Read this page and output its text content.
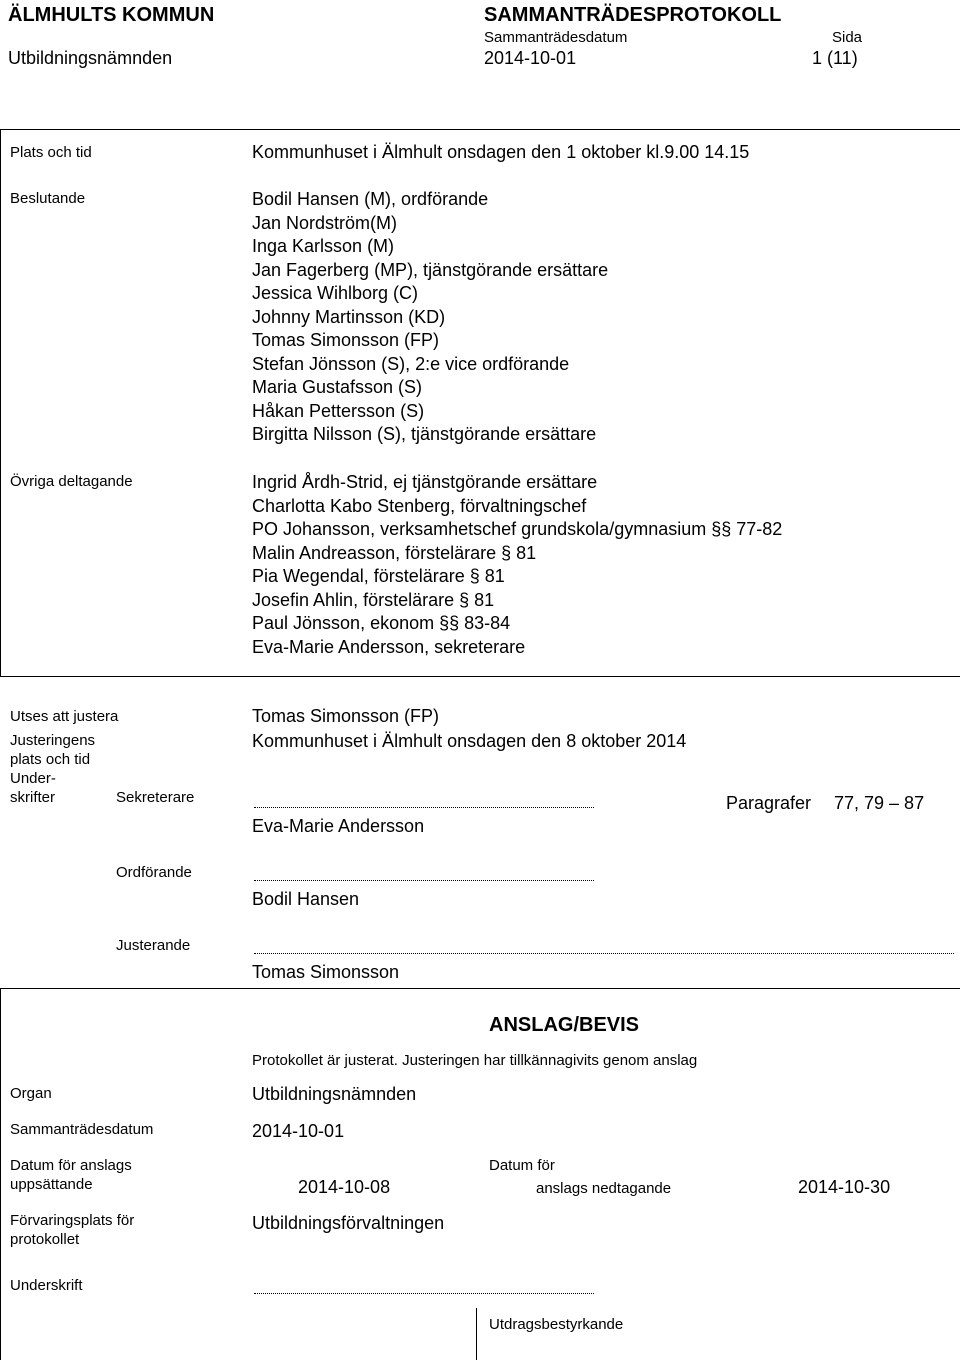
ÄLMHULTS KOMMUN
Utbildningsnämnden
SAMMANTRÄDESPROTOKOLL
Sammanträdesdatum
2014-10-01
Sida
1 (11)
Plats och tid	Kommunhuset i Älmhult onsdagen den 1 oktober kl.9.00 14.15
Beslutande	Bodil Hansen (M), ordförande
Jan Nordström(M)
Inga Karlsson (M)
Jan Fagerberg (MP), tjänstgörande ersättare
Jessica Wihlborg (C)
Johnny Martinsson (KD)
Tomas Simonsson (FP)
Stefan Jönsson (S), 2:e vice ordförande
Maria Gustafsson (S)
Håkan Pettersson (S)
Birgitta Nilsson (S), tjänstgörande ersättare
Övriga deltagande	Ingrid Årdh-Strid, ej tjänstgörande ersättare
Charlotta Kabo Stenberg, förvaltningschef
PO Johansson, verksamhetschef grundskola/gymnasium §§ 77-82
Malin Andreasson, förstelärare § 81
Pia Wegendal, förstelärare § 81
Josefin Ahlin, förstelärare § 81
Paul Jönsson, ekonom §§ 83-84
Eva-Marie Andersson, sekreterare
Utses att justera	Tomas Simonsson (FP)
Justeringens
plats och tid
Kommunhuset i Älmhult onsdagen den 8 oktober 2014
Under-
skrifter	Sekreterare
Eva-Marie Andersson
Paragrafer 77, 79 – 87
Ordförande
Bodil Hansen
Justerande
Tomas Simonsson
ANSLAG/BEVIS
Protokollet är justerat. Justeringen har tillkännagivits genom anslag
Organ	Utbildningsnämnden
Sammanträdesdatum	2014-10-01
Datum för anslags
uppsättande	2014-10-08
Datum för
anslags nedtagande	2014-10-30
Förvaringsplats för
protokollet
Utbildningsförvaltningen
Underskrift
Utdragsbestyrkande
